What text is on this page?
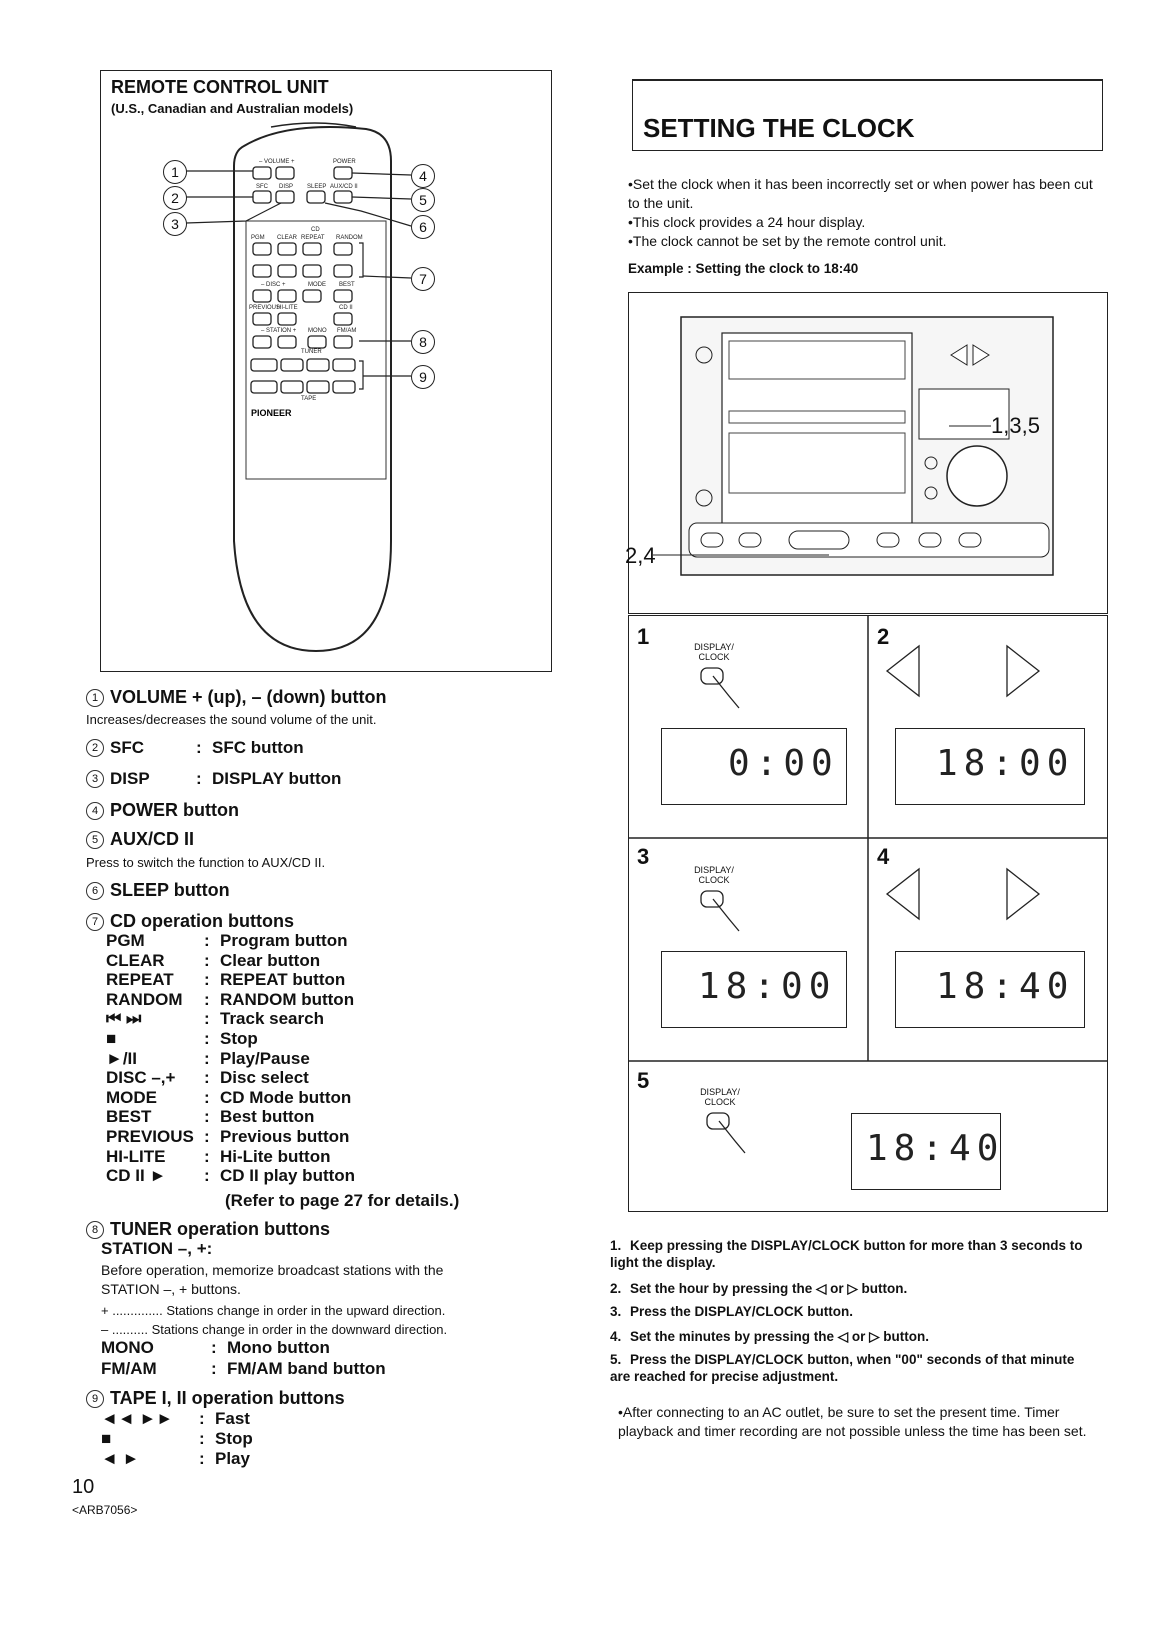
REMOTE CONTROL UNIT
(U.S., Canadian and Australian models)
– VOLUME +	POWER
SFC DISP SLEEP AUX/CD II
CD
PGM CLEAR REPEAT RANDOM
– DISC +	MODE BEST
PREVIOUS
HI-LITE	CD II
– STATION + MONO FM/AM
TUNER
TAPE
PIONEER
1
2
3
4
5
6
7
8
9
1 VOLUME + (up), – (down) button
Increases/decreases the sound volume of the unit.
2 SFC	: SFC button
3 DISP	: DISPLAY button
4 POWER button
5 AUX/CD II
Press to switch the function to AUX/CD II.
6 SLEEP button
7 CD operation buttons
PGM	: Program button
CLEAR : Clear button
REPEAT : REPEAT button
RANDOM : RANDOM button
⏮ ⏭	: Track search
■	: Stop
►/II	: Play/Pause
DISC –,+ : Disc select
MODE	: CD Mode button
BEST	: Best button
PREVIOUS : Previous button
HI-LITE : Hi-Lite button
CD II ► : CD II play button
(Refer to page 27 for details.)
8 TUNER operation buttons
STATION –, +:
Before operation, memorize broadcast stations with the
STATION –, + buttons.
+ .............. Stations change in order in the upward direction.
– .......... Stations change in order in the downward direction.
MONO	: Mono button
FM/AM	: FM/AM band button
9 TAPE I, II operation buttons
◄◄ ►► : Fast
■	: Stop
◄ ►	: Play
10
<ARB7056>
SETTING THE CLOCK
•Set the clock when it has been incorrectly set or when power has been cut to the unit.
•This clock provides a 24 hour display.
•The clock cannot be set by the remote control unit.
Example : Setting the clock to 18:40
1,3,5
2,4
1	2
3	4
5
DISPLAY/ CLOCK
DISPLAY/ CLOCK
DISPLAY/ CLOCK
0:00	18:00
18:00	18:40
18:40
1. Keep pressing the DISPLAY/CLOCK button for more than 3 seconds to light the display.
2. Set the hour by pressing the ◁ or ▷ button.
3. Press the DISPLAY/CLOCK button.
4. Set the minutes by pressing the ◁ or ▷ button.
5. Press the DISPLAY/CLOCK button, when "00" seconds of that minute are reached for precise adjustment.
•After connecting to an AC outlet, be sure to set the present time. Timer playback and timer recording are not possible unless the time has been set.
